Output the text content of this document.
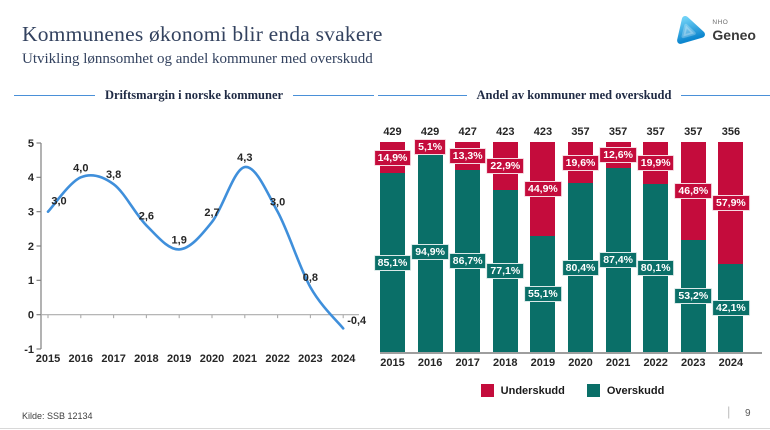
Kommunenes økonomi blir enda svakere
Utvikling lønnsomhet og andel kommuner med overskudd
NHO
Geneo
Driftsmargin i norske kommuner	Andel av kommuner med overskudd
5
4
3
2
1
0
-1
2015 2016 2017 2018 2019 2020 2021 2022 2023 2024
3,0
4,0
3,8
2,6
1,9
2,7
4,3
3,0
0,8
-0,4
429
14,9%
85,1%
2015
429
5,1%
94,9%
2016
427
13,3%
86,7%
2017
423
22,9%
77,1%
2018
423
44,9%
55,1%
2019
357
19,6%
80,4%
2020
357
12,6%
87,4%
2021
357
19,9%
80,1%
2022
357
46,8%
53,2%
2023
356
57,9%
42,1%
2024
Underskudd	Overskudd
Kilde: SSB 12134	| 9
